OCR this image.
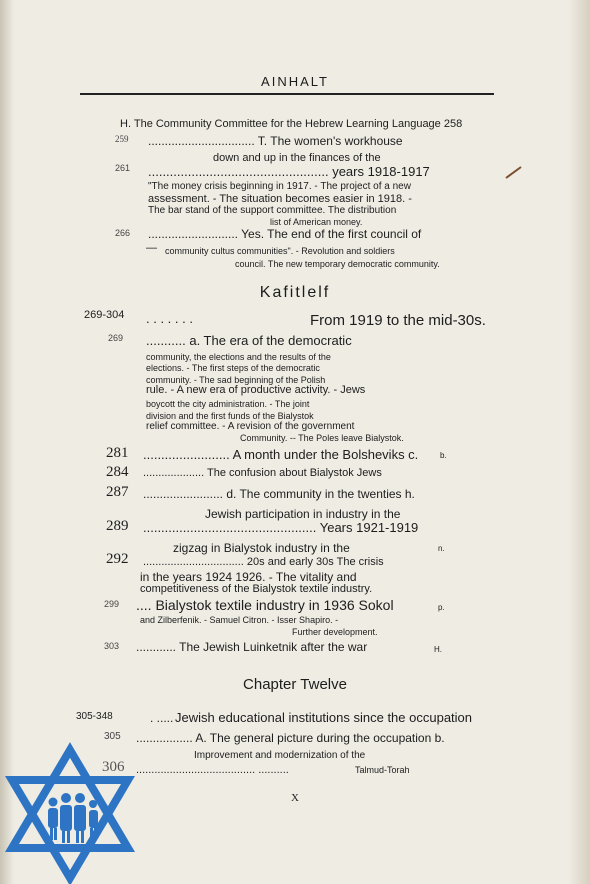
AINHALT
H. The Community Committee for the Hebrew Learning Language 258
259 ................................ T. The women's workhouse
down and up in the finances of the
261 .................................................. years 1918-1917
"The money crisis beginning in 1917. - The project of a new
assessment. - The situation becomes easier in 1918. -
The bar stand of the support committee. The distribution
list of American money.
266 ........................... Yes. The end of the first council of
— community cultus communities". - Revolution and soldiers
council. The new temporary democratic community.
Kafitlelf
269-304 . . . . . . .	From 1919 to the mid-30s.
269 ........... a. The era of the democratic
community, the elections and the results of the
elections. - The first steps of the democratic
community. - The sad beginning of the Polish
rule. - A new era of productive activity. - Jews
boycott the city administration. - The joint
division and the first funds of the Bialystok
relief committee. - A revision of the government
Community. -- The Poles leave Bialystok.
281 ........................ A month under the Bolsheviks c.	b.
284 .................... The confusion about Bialystok Jews
287 ........................ d. The community in the twenties h.
Jewish participation in industry in the
289 ................................................ Years 1921-1919
zigzag in Bialystok industry in the	n.
292 ................................. 20s and early 30s The crisis
in the years 1924 1926. - The vitality and
competitiveness of the Bialystok textile industry.
299 .... Bialystok textile industry in 1936 Sokol	p.
and Zilberfenik. - Samuel Citron. - Isser Shapiro. -
Further development.
303 ............ The Jewish Luinketnik after the war	H.
Chapter Twelve
305-348	. ..... Jewish educational institutions since the occupation
305 ................. A. The general picture during the occupation b.
Improvement and modernization of the
306 ....................................... ..........	Talmud-Torah
X
